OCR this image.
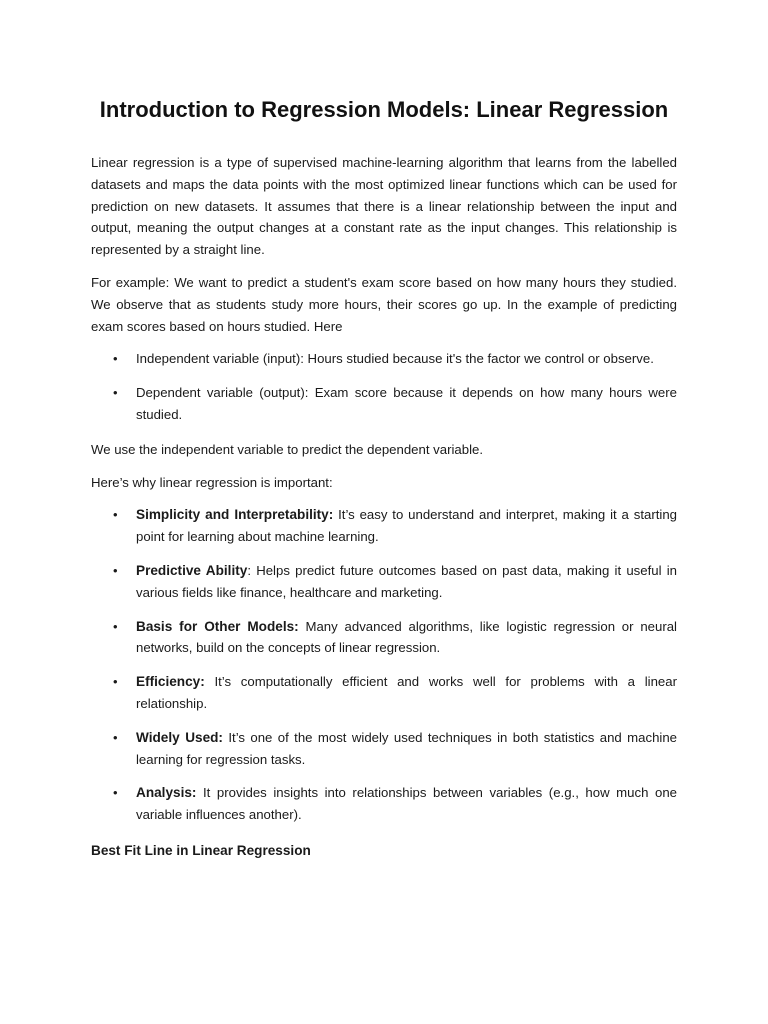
Introduction to Regression Models: Linear Regression

Linear regression is a type of supervised machine-learning algorithm that learns from the labelled datasets and maps the data points with the most optimized linear functions which can be used for prediction on new datasets. It assumes that there is a linear relationship between the input and output, meaning the output changes at a constant rate as the input changes. This relationship is represented by a straight line.

For example: We want to predict a student's exam score based on how many hours they studied. We observe that as students study more hours, their scores go up. In the example of predicting exam scores based on hours studied. Here

• Independent variable (input): Hours studied because it's the factor we control or observe.
• Dependent variable (output): Exam score because it depends on how many hours were studied.

We use the independent variable to predict the dependent variable.

Here’s why linear regression is important:

• Simplicity and Interpretability: It’s easy to understand and interpret, making it a starting point for learning about machine learning.
• Predictive Ability: Helps predict future outcomes based on past data, making it useful in various fields like finance, healthcare and marketing.
• Basis for Other Models: Many advanced algorithms, like logistic regression or neural networks, build on the concepts of linear regression.
• Efficiency: It’s computationally efficient and works well for problems with a linear relationship.
• Widely Used: It’s one of the most widely used techniques in both statistics and machine learning for regression tasks.
• Analysis: It provides insights into relationships between variables (e.g., how much one variable influences another).
Best Fit Line in Linear Regression
